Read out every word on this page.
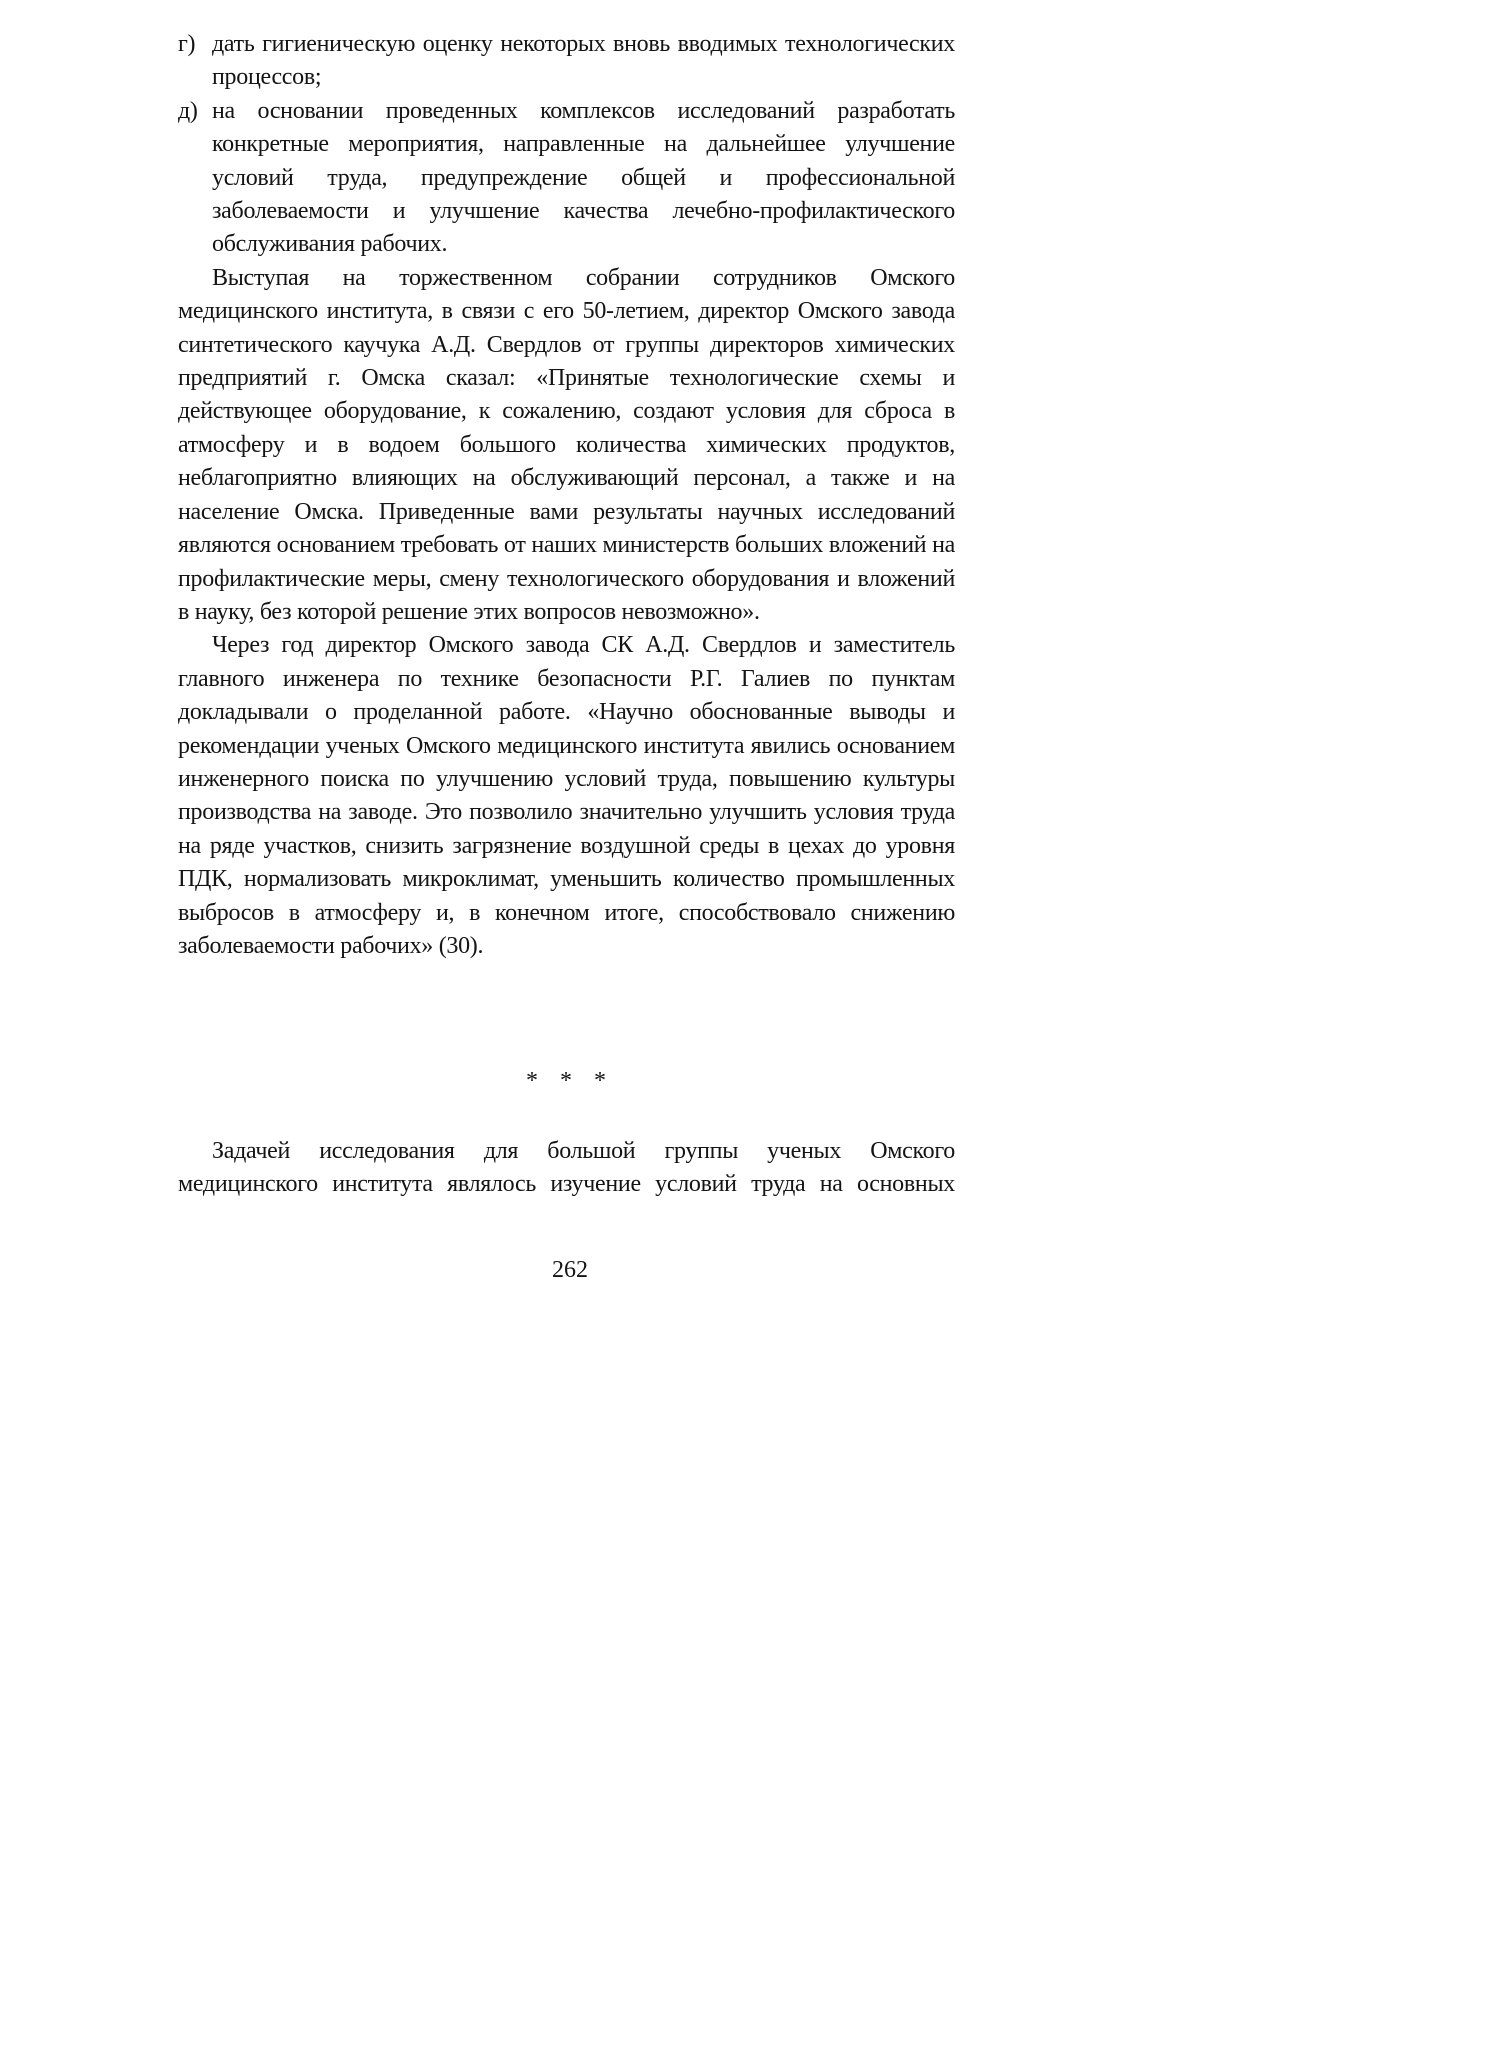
г) дать гигиеническую оценку некоторых вновь вводимых технологических процессов;
д) на основании проведенных комплексов исследований разработать конкретные мероприятия, направленные на дальнейшее улучшение условий труда, предупреждение общей и профессиональной заболеваемости и улучшение качества лечебно-профилактического обслуживания рабочих.

Выступая на торжественном собрании сотрудников Омского медицинского института, в связи с его 50-летием, директор Омского завода синтетического каучука А.Д. Свердлов от группы директоров химических предприятий г. Омска сказал: «Принятые технологические схемы и действующее оборудование, к сожалению, создают условия для сброса в атмосферу и в водоем большого количества химических продуктов, неблагоприятно влияющих на обслуживающий персонал, а также и на население Омска. Приведенные вами результаты научных исследований являются основанием требовать от наших министерств больших вложений на профилактические меры, смену технологического оборудования и вложений в науку, без которой решение этих вопросов невозможно».

Через год директор Омского завода СК А.Д. Свердлов и заместитель главного инженера по технике безопасности Р.Г. Галиев по пунктам докладывали о проделанной работе. «Научно обоснованные выводы и рекомендации ученых Омского медицинского института явились основанием инженерного поиска по улучшению условий труда, повышению культуры производства на заводе. Это позволило значительно улучшить условия труда на ряде участков, снизить загрязнение воздушной среды в цехах до уровня ПДК, нормализовать микроклимат, уменьшить количество промышленных выбросов в атмосферу и, в конечном итоге, способствовало снижению заболеваемости рабочих» (30).

* * *

Задачей исследования для большой группы ученых Омского медицинского института являлось изучение условий труда на основных

262
